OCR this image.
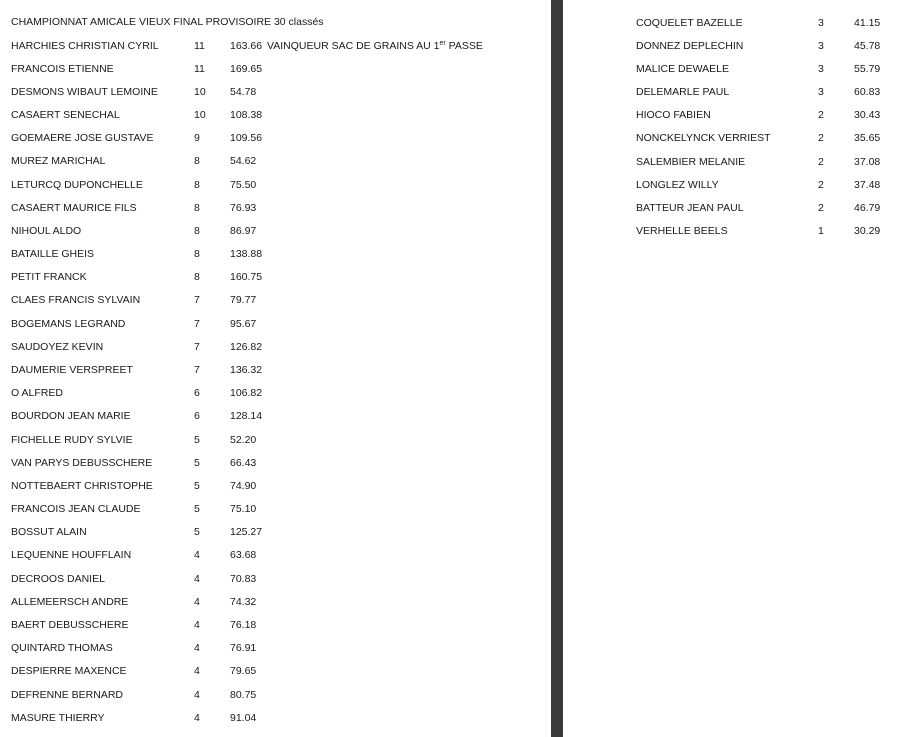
CHAMPIONNAT AMICALE VIEUX FINAL PROVISOIRE 30 classés
HARCHIES CHRISTIAN CYRIL	11 163.66 VAINQUEUR SAC DE GRAINS AU 1er PASSE
FRANCOIS ETIENNE	11 169.65
DESMONS WIBAUT LEMOINE	10 54.78
CASAERT SENECHAL	10 108.38
GOEMAERE JOSE GUSTAVE	9	109.56
MUREZ MARICHAL	8	54.62
LETURCQ DUPONCHELLE	8	75.50
CASAERT MAURICE FILS	8	76.93
NIHOUL ALDO	8	86.97
BATAILLE GHEIS	8	138.88
PETIT FRANCK	8	160.75
CLAES FRANCIS SYLVAIN	7	79.77
BOGEMANS LEGRAND	7	95.67
SAUDOYEZ KEVIN	7	126.82
DAUMERIE VERSPREET	7	136.32
O ALFRED	6	106.82
BOURDON JEAN MARIE	6	128.14
FICHELLE RUDY SYLVIE	5	52.20
VAN PARYS DEBUSSCHERE	5	66.43
NOTTEBAERT CHRISTOPHE	5	74.90
FRANCOIS JEAN CLAUDE	5	75.10
BOSSUT ALAIN	5	125.27
LEQUENNE HOUFFLAIN	4	63.68
DECROOS DANIEL	4	70.83
ALLEMEERSCH ANDRE	4	74.32
BAERT DEBUSSCHERE	4	76.18
QUINTARD THOMAS	4	76.91
DESPIERRE MAXENCE	4	79.65
DEFRENNE BERNARD	4	80.75
MASURE THIERRY	4	91.04
COQUELET BAZELLE	3	41.15
DONNEZ DEPLECHIN	3	45.78
MALICE DEWAELE	3	55.79
DELEMARLE PAUL	3	60.83
HIOCO FABIEN	2	30.43
NONCKELYNCK VERRIEST	2	35.65
SALEMBIER MELANIE	2	37.08
LONGLEZ WILLY	2	37.48
BATTEUR JEAN PAUL	2	46.79
VERHELLE BEELS	1	30.29
